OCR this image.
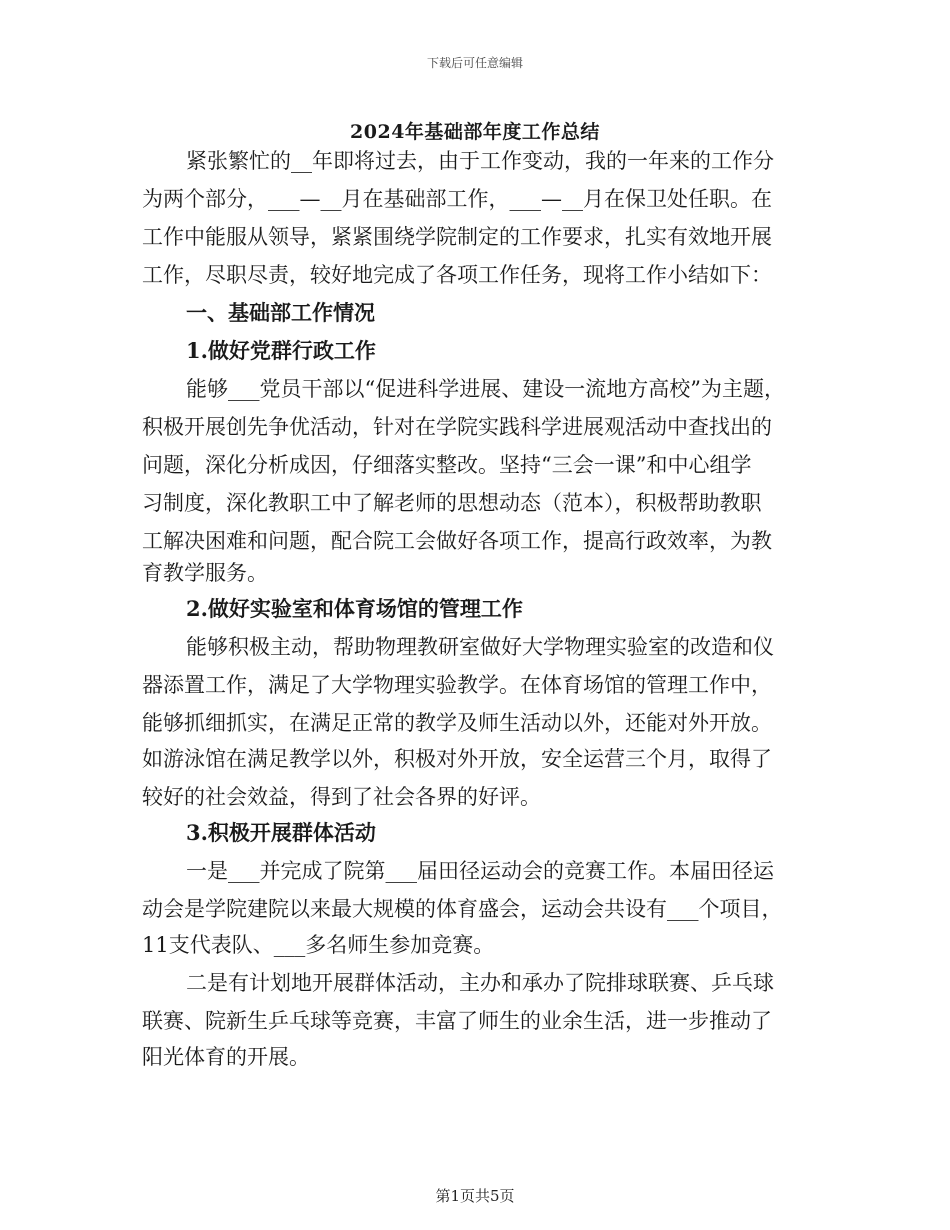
下载后可任意编辑
2024年基础部年度工作总结
紧张繁忙的__年即将过去，由于工作变动，我的一年来的工作分
为两个部分，___—__月在基础部工作，___—__月在保卫处任职。在
工作中能服从领导，紧紧围绕学院制定的工作要求，扎实有效地开展
工作，尽职尽责，较好地完成了各项工作任务，现将工作小结如下：
一、基础部工作情况
1.做好党群行政工作
能够___党员干部以“促进科学进展、建设一流地方高校”为主题，
积极开展创先争优活动，针对在学院实践科学进展观活动中查找出的
问题，深化分析成因，仔细落实整改。坚持“三会一课”和中心组学
习制度，深化教职工中了解老师的思想动态（范本），积极帮助教职
工解决困难和问题，配合院工会做好各项工作，提高行政效率，为教
育教学服务。
2.做好实验室和体育场馆的管理工作
能够积极主动，帮助物理教研室做好大学物理实验室的改造和仪
器添置工作，满足了大学物理实验教学。在体育场馆的管理工作中，
能够抓细抓实，在满足正常的教学及师生活动以外，还能对外开放。
如游泳馆在满足教学以外，积极对外开放，安全运营三个月，取得了
较好的社会效益，得到了社会各界的好评。
3.积极开展群体活动
一是___并完成了院第___届田径运动会的竞赛工作。本届田径运
动会是学院建院以来最大规模的体育盛会，运动会共设有___个项目，
11支代表队、___多名师生参加竞赛。
二是有计划地开展群体活动，主办和承办了院排球联赛、乒乓球
联赛、院新生乒乓球等竞赛，丰富了师生的业余生活，进一步推动了
阳光体育的开展。
第1页共5页
